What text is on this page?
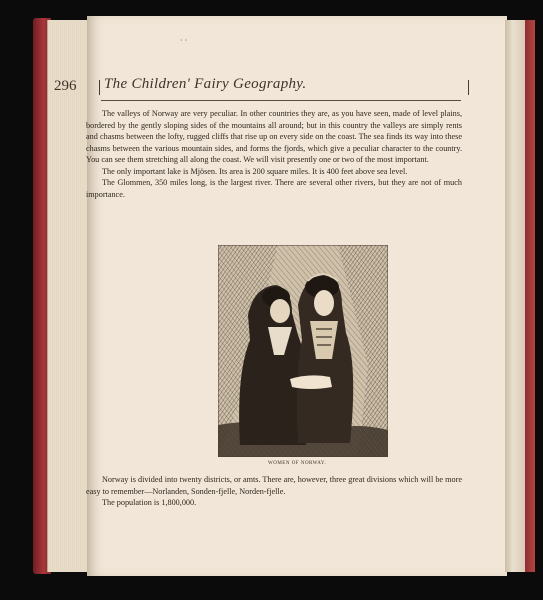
· ·
296 The Children' Fairy Geography.

The valleys of Norway are very peculiar. In other countries they are, as you have seen, made of level plains, bordered by the gently sloping sides of the mountains all around; but in this country the valleys are simply rents and chasms between the lofty, rugged cliffs that rise up on every side on the coast. The sea finds its way into these chasms between the various mountain sides, and forms the fjords, which give a peculiar character to the country. You can see them stretching all along the coast. We will visit presently one or two of the most important.

The only important lake is Mjösen. Its area is 200 square miles. It is 400 feet above sea level.

The Glommen, 350 miles long, is the largest river. There are several other rivers, but they are not of much importance.

WOMEN OF NORWAY.

Norway is divided into twenty districts, or amts. There are, however, three great divisions which will be more easy to remember—Norlanden, Sonden-fjelle, Norden-fjelle.

The population is 1,800,000.
